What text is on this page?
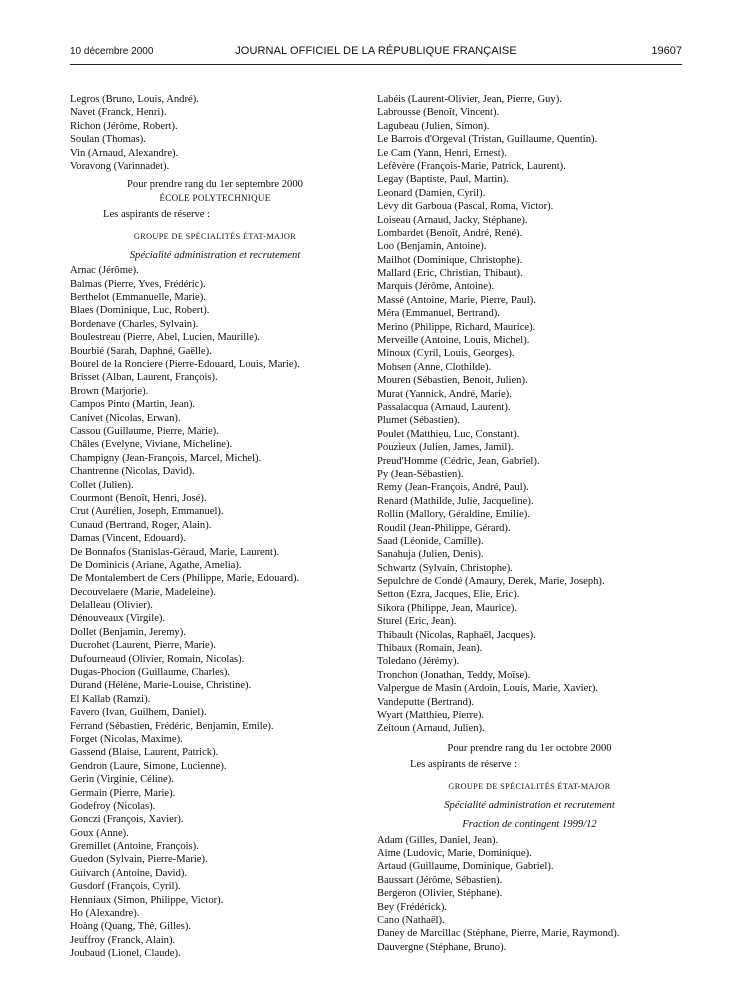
10 décembre 2000	JOURNAL OFFICIEL DE LA RÉPUBLIQUE FRANÇAISE	19607
Legros (Bruno, Louis, André).
Navet (Franck, Henri).
Richon (Jérôme, Robert).
Soulan (Thomas).
Vin (Arnaud, Alexandre).
Voravong (Varinnadet).
Pour prendre rang du 1er septembre 2000
ÉCOLE POLYTECHNIQUE
Les aspirants de réserve :
GROUPE DE SPÉCIALITÉS ÉTAT-MAJOR
Spécialité administration et recrutement
Arnac (Jérôme).
Balmas (Pierre, Yves, Frédéric).
Berthelot (Emmanuelle, Marie).
Blaes (Dominique, Luc, Robert).
Bordenave (Charles, Sylvain).
Boulestreau (Pierre, Abel, Lucien, Maurille).
Bourbié (Sarah, Daphné, Gaëlle).
Bourel de la Ronciere (Pierre-Edouard, Louis, Marie).
Brisset (Alban, Laurent, François).
Brown (Marjorie).
Campos Pinto (Martin, Jean).
Canivet (Nicolas, Erwan).
Cassou (Guillaume, Pierre, Marie).
Châles (Evelyne, Viviane, Micheline).
Champigny (Jean-François, Marcel, Michel).
Chantrenne (Nicolas, David).
Collet (Julien).
Courmont (Benoît, Henri, José).
Crut (Aurélien, Joseph, Emmanuel).
Cunaud (Bertrand, Roger, Alain).
Damas (Vincent, Edouard).
De Bonnafos (Stanislas-Géraud, Marie, Laurent).
De Dominicis (Ariane, Agathe, Amelia).
De Montalembert de Cers (Philippe, Marie, Edouard).
Decouvelaere (Marie, Madeleine).
Delalleau (Olivier).
Dénouveaux (Virgile).
Dollet (Benjamin, Jeremy).
Ducrohet (Laurent, Pierre, Marie).
Dufourneaud (Olivier, Romain, Nicolas).
Dugas-Phocion (Guillaume, Charles).
Durand (Hélène, Marie-Louise, Christine).
El Kallab (Ramzi).
Favero (Ivan, Guilhem, Daniel).
Ferrand (Sébastien, Frédéric, Benjamin, Emile).
Forget (Nicolas, Maxime).
Gassend (Blaise, Laurent, Patrick).
Gendron (Laure, Simone, Lucienne).
Gerin (Virginie, Céline).
Germain (Pierre, Marie).
Godefroy (Nicolas).
Gonczi (François, Xavier).
Goux (Anne).
Gremillet (Antoine, François).
Guedon (Sylvain, Pierre-Marie).
Guivarch (Antoine, David).
Gusdorf (François, Cyril).
Henniaux (Simon, Philippe, Victor).
Ho (Alexandre).
Hoàng (Quang, Thê, Gilles).
Jeuffroy (Franck, Alain).
Joubaud (Lionel, Claude).
Labéis (Laurent-Olivier, Jean, Pierre, Guy).
Labrousse (Benoît, Vincent).
Lagubeau (Julien, Simon).
Le Barrois d'Orgeval (Tristan, Guillaume, Quentin).
Le Cam (Yann, Henri, Ernest).
Lefèvère (François-Marie, Patrick, Laurent).
Legay (Baptiste, Paul, Martin).
Leonard (Damien, Cyril).
Levy dit Garboua (Pascal, Roma, Victor).
Loiseau (Arnaud, Jacky, Stéphane).
Lombardet (Benoît, André, René).
Loo (Benjamin, Antoine).
Mailhot (Dominique, Christophe).
Mallard (Eric, Christian, Thibaut).
Marquis (Jérôme, Antoine).
Massé (Antoine, Marie, Pierre, Paul).
Méra (Emmanuel, Bertrand).
Merino (Philippe, Richard, Maurice).
Merveille (Antoine, Louis, Michel).
Minoux (Cyril, Louis, Georges).
Mohsen (Anne, Clothilde).
Mouren (Sébastien, Benoit, Julien).
Murat (Yannick, André, Marie).
Passalacqua (Arnaud, Laurent).
Plumet (Sébastien).
Poulet (Matthieu, Luc, Constant).
Pouzieux (Julien, James, Jamil).
Preud'Homme (Cédric, Jean, Gabriel).
Py (Jean-Sébastien).
Remy (Jean-François, André, Paul).
Renard (Mathilde, Julie, Jacqueline).
Rollin (Mallory, Géraldine, Emilie).
Roudil (Jean-Philippe, Gérard).
Saad (Léonide, Camille).
Sanahuja (Julien, Denis).
Schwartz (Sylvain, Christophe).
Sepulchre de Condé (Amaury, Derek, Marie, Joseph).
Setton (Ezra, Jacques, Elie, Eric).
Sikora (Philippe, Jean, Maurice).
Sturel (Eric, Jean).
Thibault (Nicolas, Raphaël, Jacques).
Thibaux (Romain, Jean).
Toledano (Jérémy).
Tronchon (Jonathan, Teddy, Moïse).
Valpergue de Masin (Ardoin, Louis, Marie, Xavier).
Vandeputte (Bertrand).
Wyart (Matthieu, Pierre).
Zeitoun (Arnaud, Julien).
Pour prendre rang du 1er octobre 2000
Les aspirants de réserve :
GROUPE DE SPÉCIALITÉS ÉTAT-MAJOR
Spécialité administration et recrutement
Fraction de contingent 1999/12
Adam (Gilles, Daniel, Jean).
Aime (Ludovic, Marie, Dominique).
Artaud (Guillaume, Dominique, Gabriel).
Baussart (Jérôme, Sébastien).
Bergeron (Olivier, Stéphane).
Bey (Frédérick).
Cano (Nathaël).
Daney de Marcillac (Stéphane, Pierre, Marie, Raymond).
Dauvergne (Stéphane, Bruno).
